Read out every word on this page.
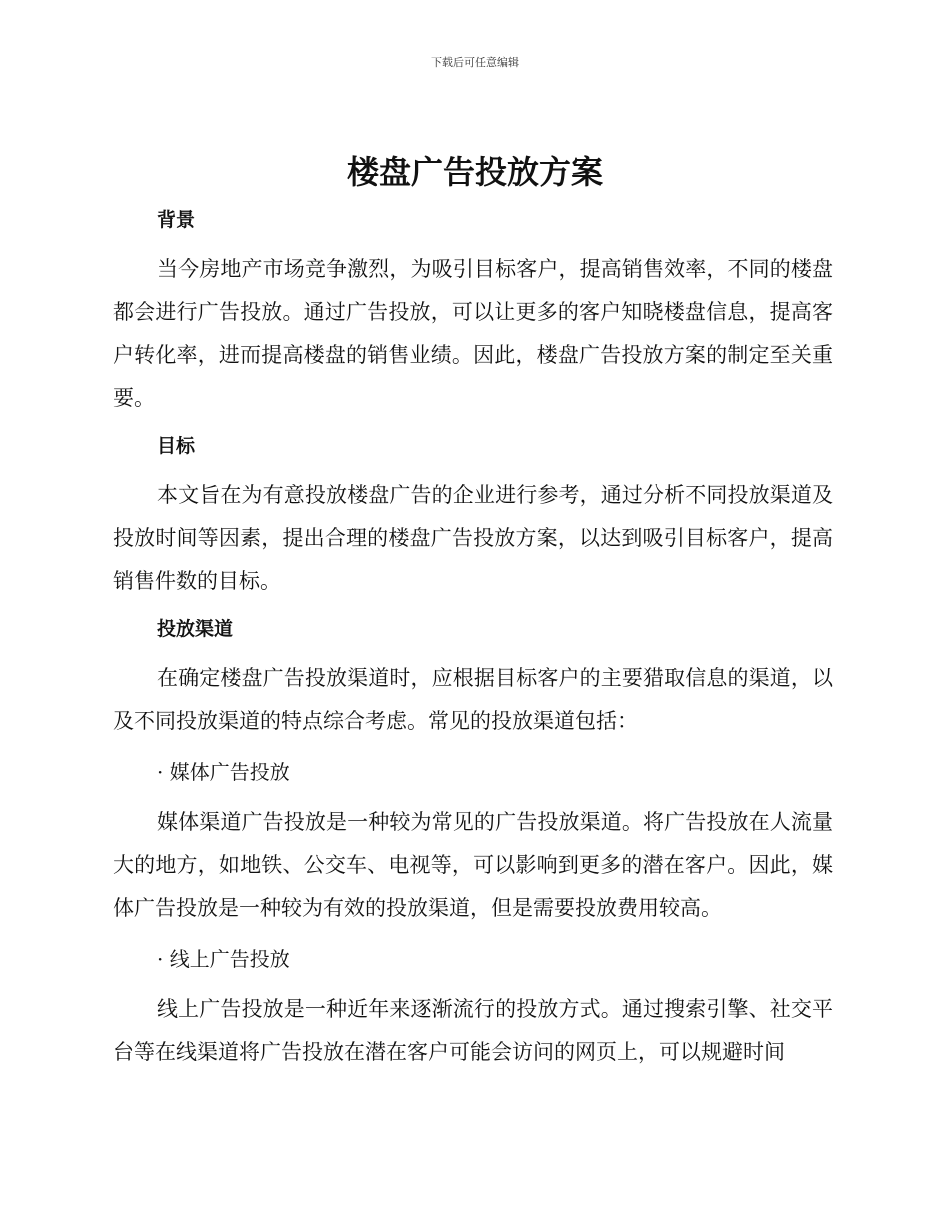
下载后可任意编辑
楼盘广告投放方案
背景

当今房地产市场竞争激烈，为吸引目标客户，提高销售效率，不同的楼盘都会进行广告投放。通过广告投放，可以让更多的客户知晓楼盘信息，提高客户转化率，进而提高楼盘的销售业绩。因此，楼盘广告投放方案的制定至关重要。

目标

本文旨在为有意投放楼盘广告的企业进行参考，通过分析不同投放渠道及投放时间等因素，提出合理的楼盘广告投放方案，以达到吸引目标客户，提高销售件数的目标。

投放渠道

在确定楼盘广告投放渠道时，应根据目标客户的主要猎取信息的渠道，以及不同投放渠道的特点综合考虑。常见的投放渠道包括：

· 媒体广告投放

媒体渠道广告投放是一种较为常见的广告投放渠道。将广告投放在人流量大的地方，如地铁、公交车、电视等，可以影响到更多的潜在客户。因此，媒体广告投放是一种较为有效的投放渠道，但是需要投放费用较高。

· 线上广告投放

线上广告投放是一种近年来逐渐流行的投放方式。通过搜索引擎、社交平台等在线渠道将广告投放在潜在客户可能会访问的网页上，可以规避时间
